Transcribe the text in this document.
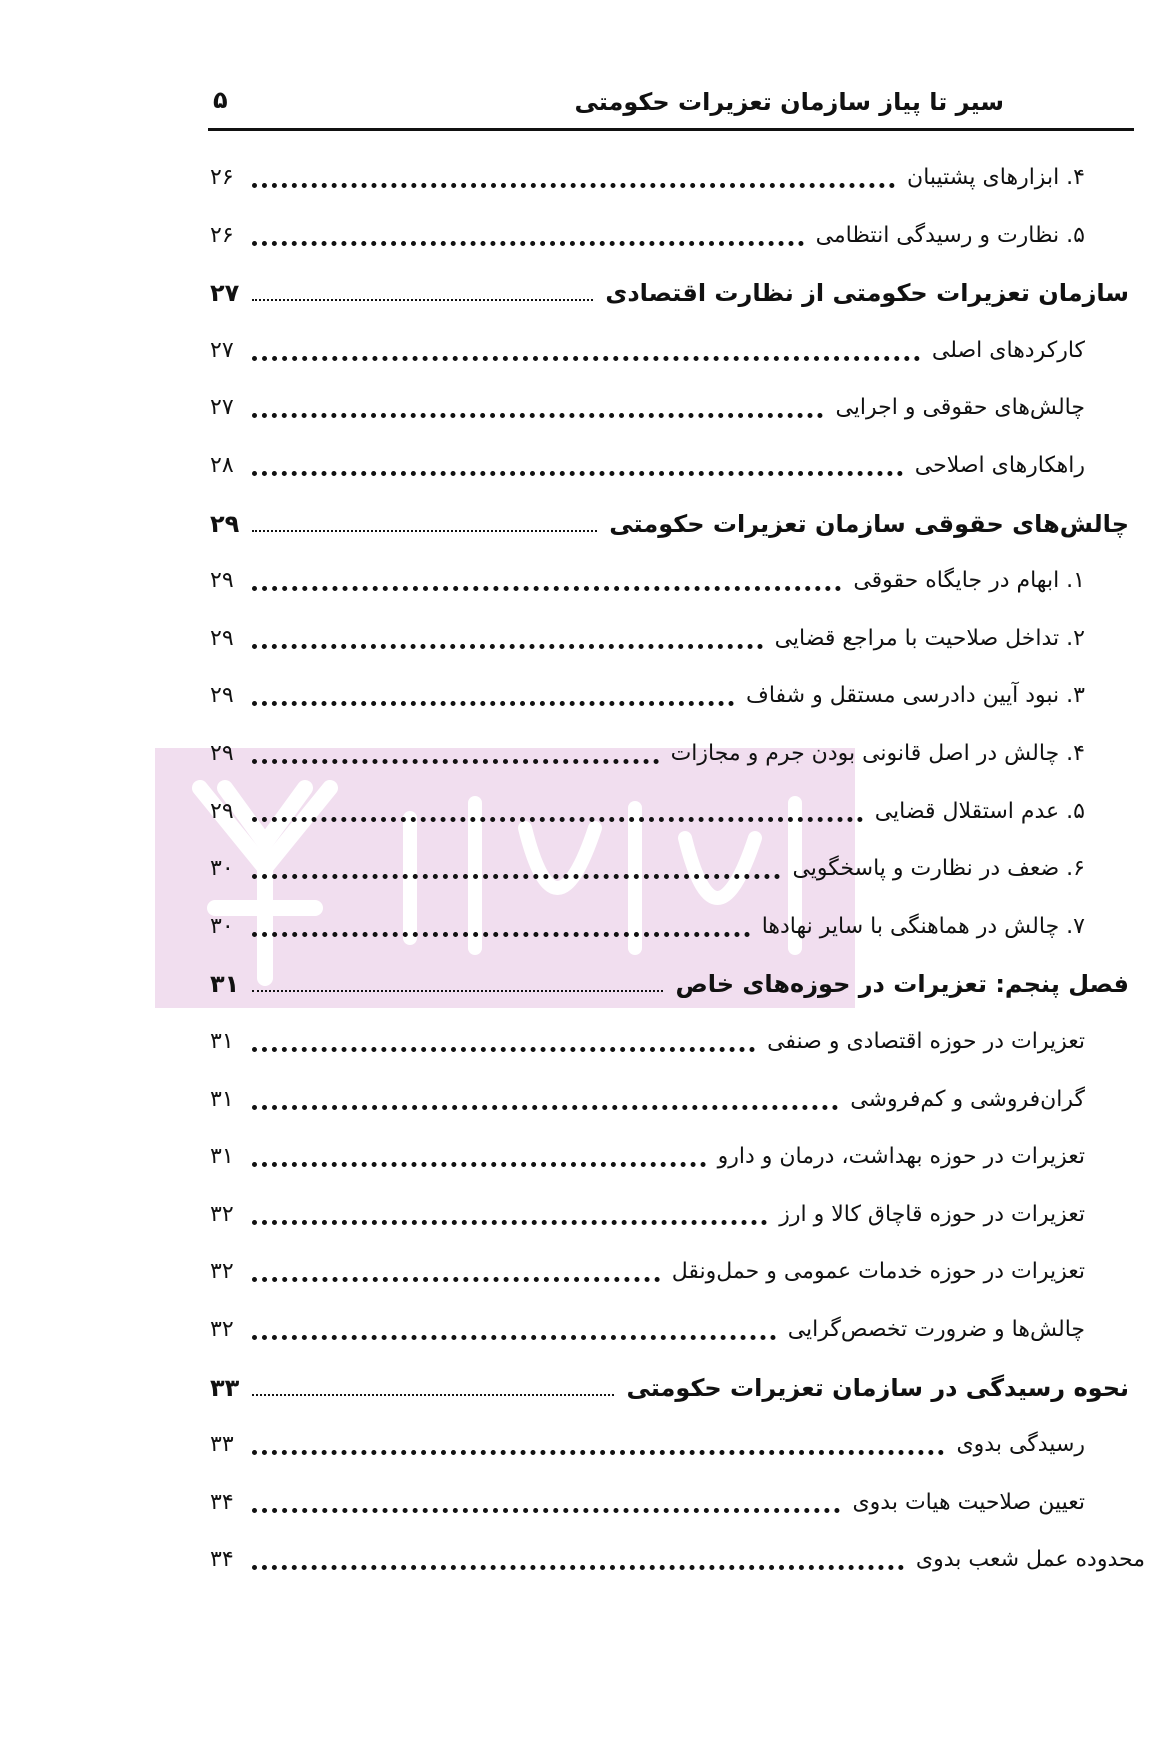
سیر تا پیاز سازمان تعزیرات حکومتی
۵
۴. ابزارهای پشتیبان
۲۶
۵. نظارت و رسیدگی انتظامی
۲۶
سازمان تعزیرات حکومتی از نظارت اقتصادی
۲۷
کارکردهای اصلی
۲۷
چالش‌های حقوقی و اجرایی
۲۷
راهکارهای اصلاحی
۲۸
چالش‌های حقوقی سازمان تعزیرات حکومتی
۲۹
۱. ابهام در جایگاه حقوقی
۲۹
۲. تداخل صلاحیت با مراجع قضایی
۲۹
۳. نبود آیین دادرسی مستقل و شفاف
۲۹
۴. چالش در اصل قانونی بودن جرم و مجازات
۲۹
۵. عدم استقلال قضایی
۲۹
۶. ضعف در نظارت و پاسخگویی
۳۰
۷. چالش در هماهنگی با سایر نهادها
۳۰
فصل پنجم: تعزیرات در حوزه‌های خاص
۳۱
تعزیرات در حوزه اقتصادی و صنفی
۳۱
گران‌فروشی و کم‌فروشی
۳۱
تعزیرات در حوزه بهداشت، درمان و دارو
۳۱
تعزیرات در حوزه قاچاق کالا و ارز
۳۲
تعزیرات در حوزه خدمات عمومی و حمل‌ونقل
۳۲
چالش‌ها و ضرورت تخصص‌گرایی
۳۲
نحوه رسیدگی در سازمان تعزیرات حکومتی
۳۳
رسیدگی بدوی
۳۳
تعیین صلاحیت هیات بدوی
۳۴
محدوده عمل شعب بدوی
۳۴
